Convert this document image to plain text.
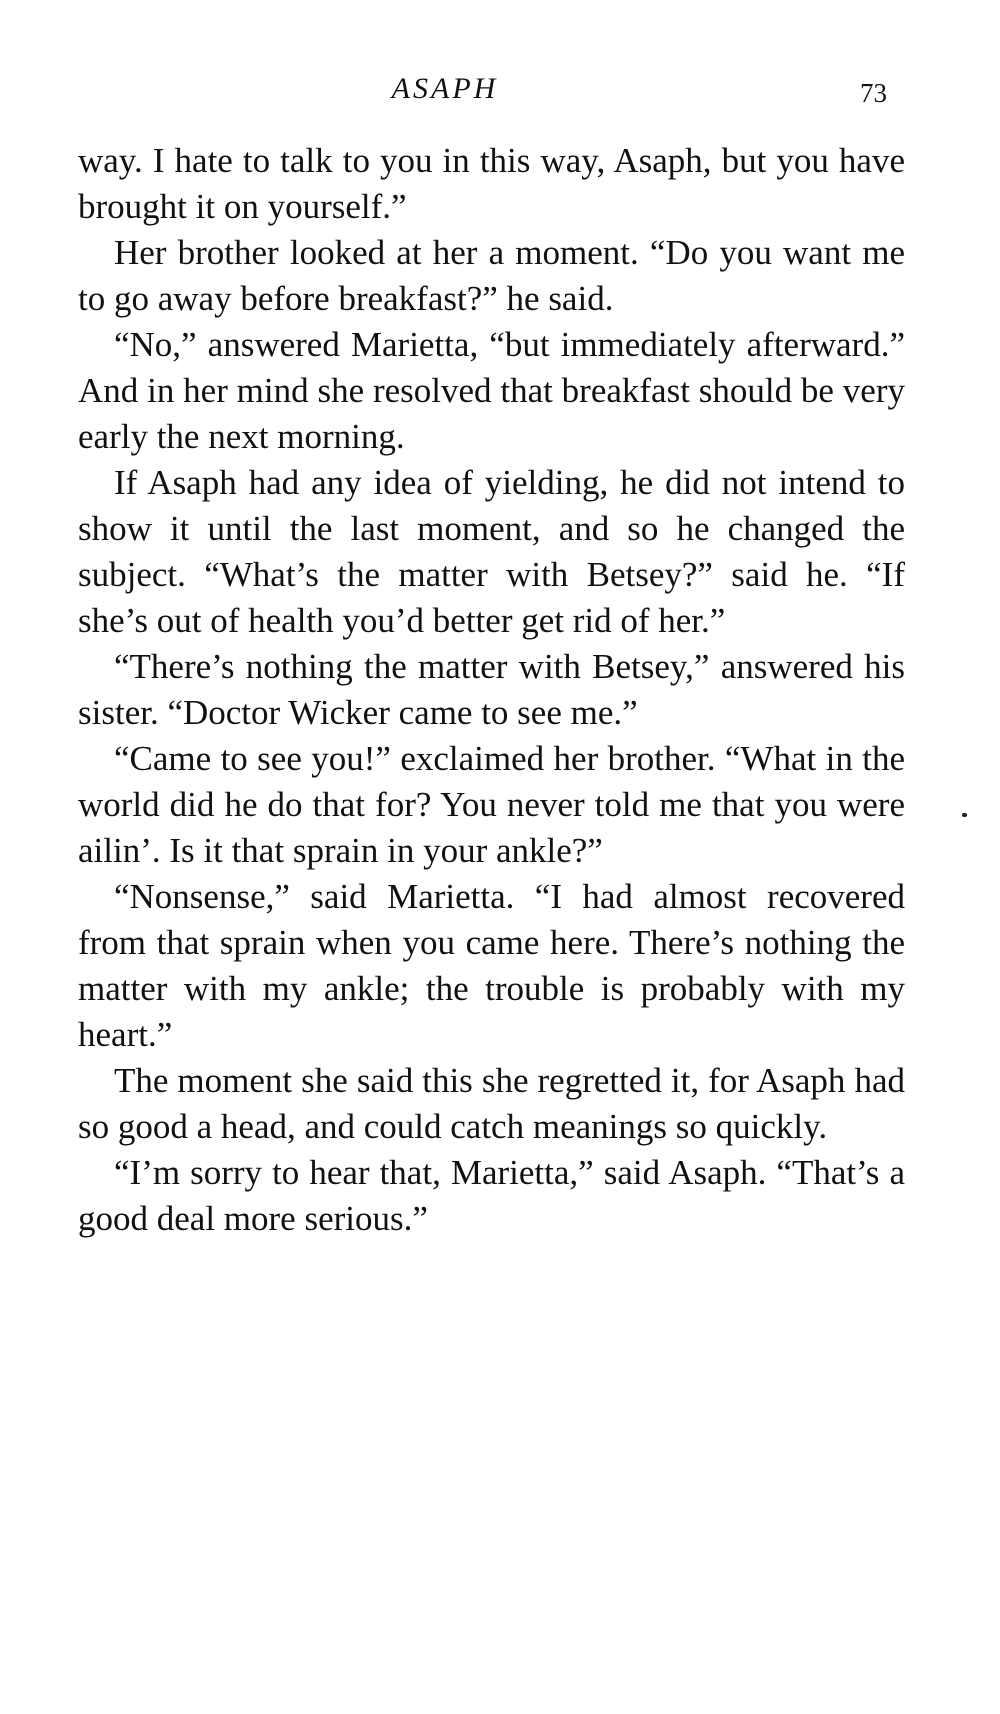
ASAPH	73

way. I hate to talk to you in this way, Asaph, but you have brought it on yourself.”

Her brother looked at her a moment. “Do you want me to go away before breakfast?” he said.

“No,” answered Marietta, “but immediately afterward.” And in her mind she resolved that breakfast should be very early the next morning.

If Asaph had any idea of yielding, he did not intend to show it until the last moment, and so he changed the subject. “What’s the matter with Betsey?” said he. “If she’s out of health you’d better get rid of her.”

“There’s nothing the matter with Betsey,” answered his sister. “Doctor Wicker came to see me.”

“Came to see you!” exclaimed her brother. “What in the world did he do that for? You never told me that you were ailin’. Is it that sprain in your ankle?”

“Nonsense,” said Marietta. “I had almost recovered from that sprain when you came here. There’s nothing the matter with my ankle; the trouble is probably with my heart.”

The moment she said this she regretted it, for Asaph had so good a head, and could catch meanings so quickly.

“I’m sorry to hear that, Marietta,” said Asaph. “That’s a good deal more serious.”
